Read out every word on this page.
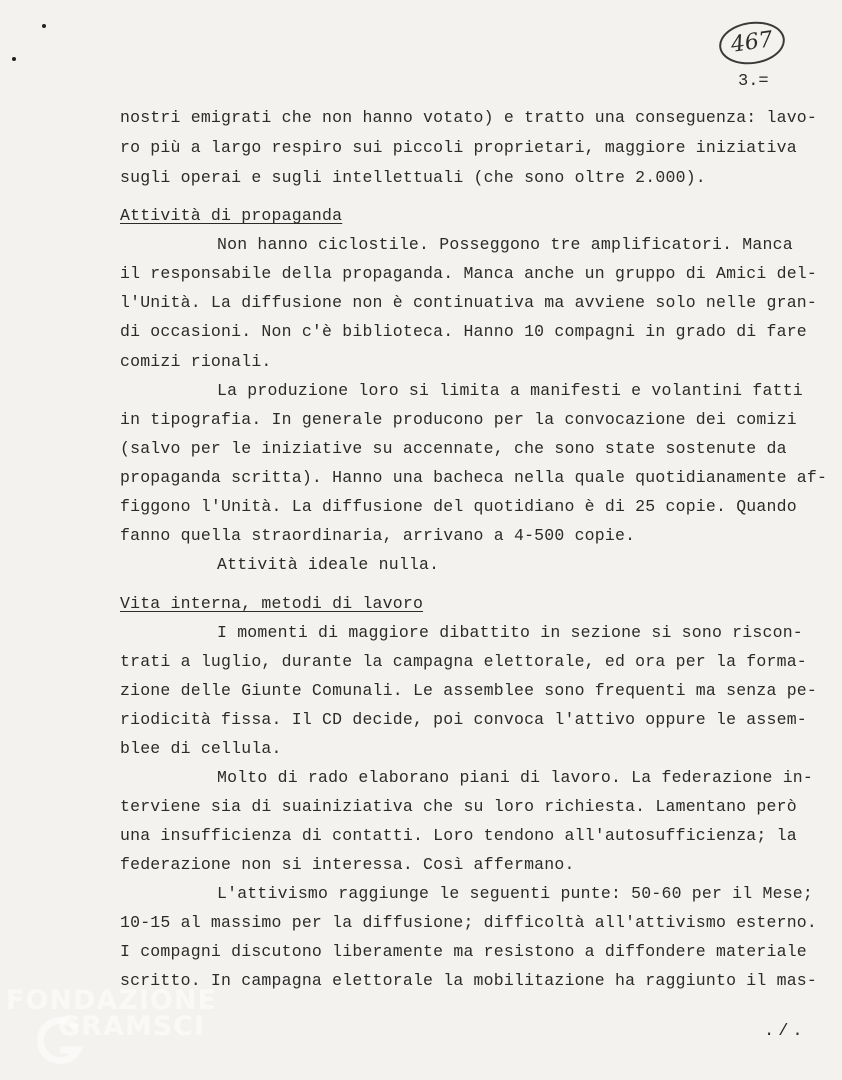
467
3.=
nostri emigrati che non hanno votato) e tratto una conseguenza: lavo-
ro più a largo respiro sui piccoli proprietari, maggiore iniziativa
sugli operai e sugli intellettuali (che sono oltre 2.000).
Attività di propaganda
Non hanno ciclostile. Posseggono tre amplificatori. Manca
il responsabile della propaganda. Manca anche un gruppo di Amici del-
l'Unità. La diffusione non è continuativa ma avviene solo nelle gran-
di occasioni. Non c'è biblioteca. Hanno 10 compagni in grado di fare
comizi rionali.
La produzione loro si limita a manifesti e volantini fatti
in tipografia. In generale producono per la convocazione dei comizi
(salvo per le iniziative su accennate, che sono state sostenute da
propaganda scritta). Hanno una bacheca nella quale quotidianamente af-
figgono l'Unità. La diffusione del quotidiano è di 25 copie. Quando
fanno quella straordinaria, arrivano a 4-500 copie.
Attività ideale nulla.
Vita interna, metodi di lavoro
I momenti di maggiore dibattito in sezione si sono riscon-
trati a luglio, durante la campagna elettorale, ed ora per la forma-
zione delle Giunte Comunali. Le assemblee sono frequenti ma senza pe-
riodicità fissa. Il CD decide, poi convoca l'attivo oppure le assem-
blee di cellula.
Molto di rado elaborano piani di lavoro. La federazione in-
terviene sia di suainiziativa che su loro richiesta. Lamentano però
una insufficienza di contatti. Loro tendono all'autosufficienza; la
federazione non si interessa. Così affermano.
L'attivismo raggiunge le seguenti punte: 50-60 per il Mese;
10-15 al massimo per la diffusione; difficoltà all'attivismo esterno.
I compagni discutono liberamente ma resistono a diffondere materiale
scritto. In campagna elettorale la mobilitazione ha raggiunto il mas-
./.
FONDAZIONE
GRAMSCI
